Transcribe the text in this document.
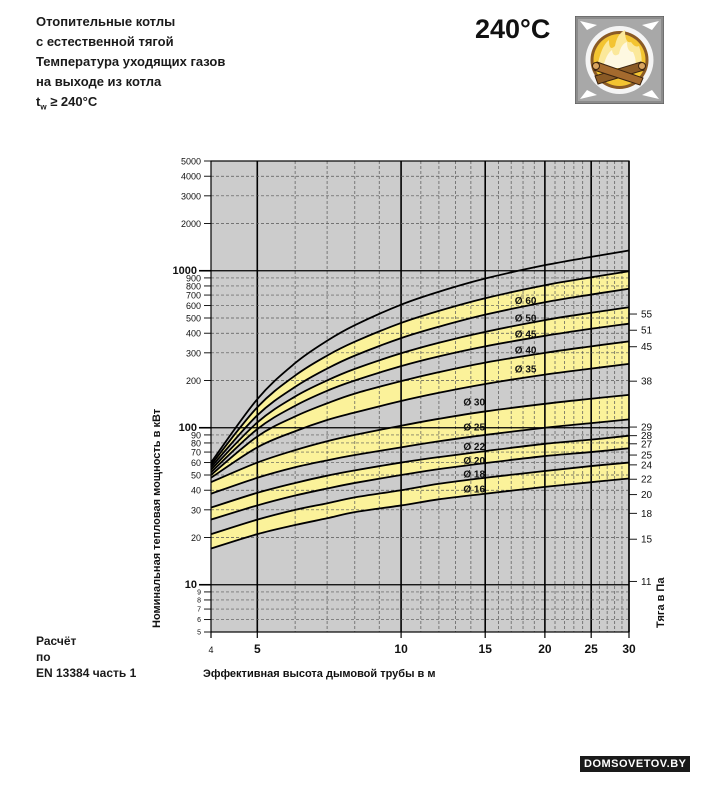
Отопительные котлы
с естественной тягой
Температура уходящих газов
на выходе из котла
$t_w \ge 240^\circ C$
240°C
5
6
7
8
9
10
20
30
40
50
60
70
80
90
100
200
300
400
500
600
700
800
900
1000
2000
3000
4000
5000
4	5	10	15	20	25 30
11
15
18
20
22
24
25
27
28
29
38
45
51
55
Ø 16
Ø 18
Ø 20
Ø 22
Ø 25
Ø 30
Ø 35
Ø 40
Ø 45
Ø 50
Ø 60
Эффективная высота дымовой трубы в м
Номинальная тепловая мощность в кВт	Тяга в Па
Расчёт
по
EN 13384 часть 1
DOMSOVETOV.BY
